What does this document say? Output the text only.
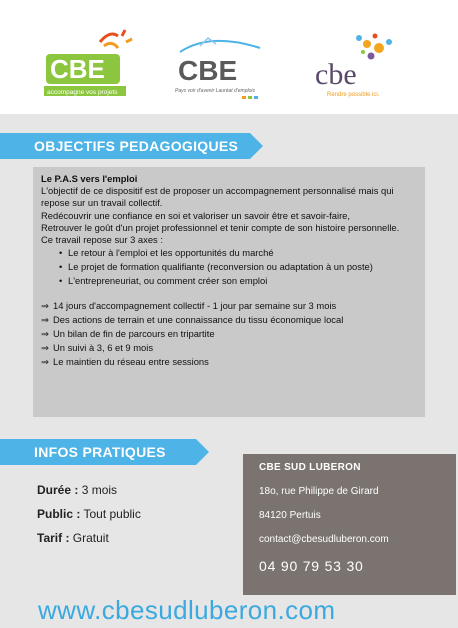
CBE
accompagne vos projets
CBE
Pays voir d'avenir Lauréat d'emplois cbe
Rendre possible ici.
OBJECTIFS PEDAGOGIQUES
Le P.A.S vers l'emploi
L'objectif de ce dispositif est de proposer un accompagnement personnalisé mais qui repose sur un travail collectif.
Redécouvrir une confiance en soi et valoriser un savoir être et savoir-faire,
Retrouver le goût d'un projet professionnel et tenir compte de son histoire personnelle.
Ce travail repose sur 3 axes :
• Le retour à l'emploi et les opportunités du marché
• Le projet de formation qualifiante (reconversion ou adaptation à un poste)
• L'entrepreneuriat, ou comment créer son emploi
⇒ 14 jours d'accompagnement collectif - 1 jour par semaine sur 3 mois
⇒ Des actions de terrain et une connaissance du tissu économique local
⇒ Un bilan de fin de parcours en tripartite
⇒ Un suivi à 3, 6 et 9 mois
⇒ Le maintien du réseau entre sessions
INFOS PRATIQUES
Durée : 3 mois
Public : Tout public
Tarif : Gratuit
CBE SUD LUBERON
18o, rue Philippe de Girard
84120 Pertuis
contact@cbesudluberon.com
04 90 79 53 30
www.cbesudluberon.com
